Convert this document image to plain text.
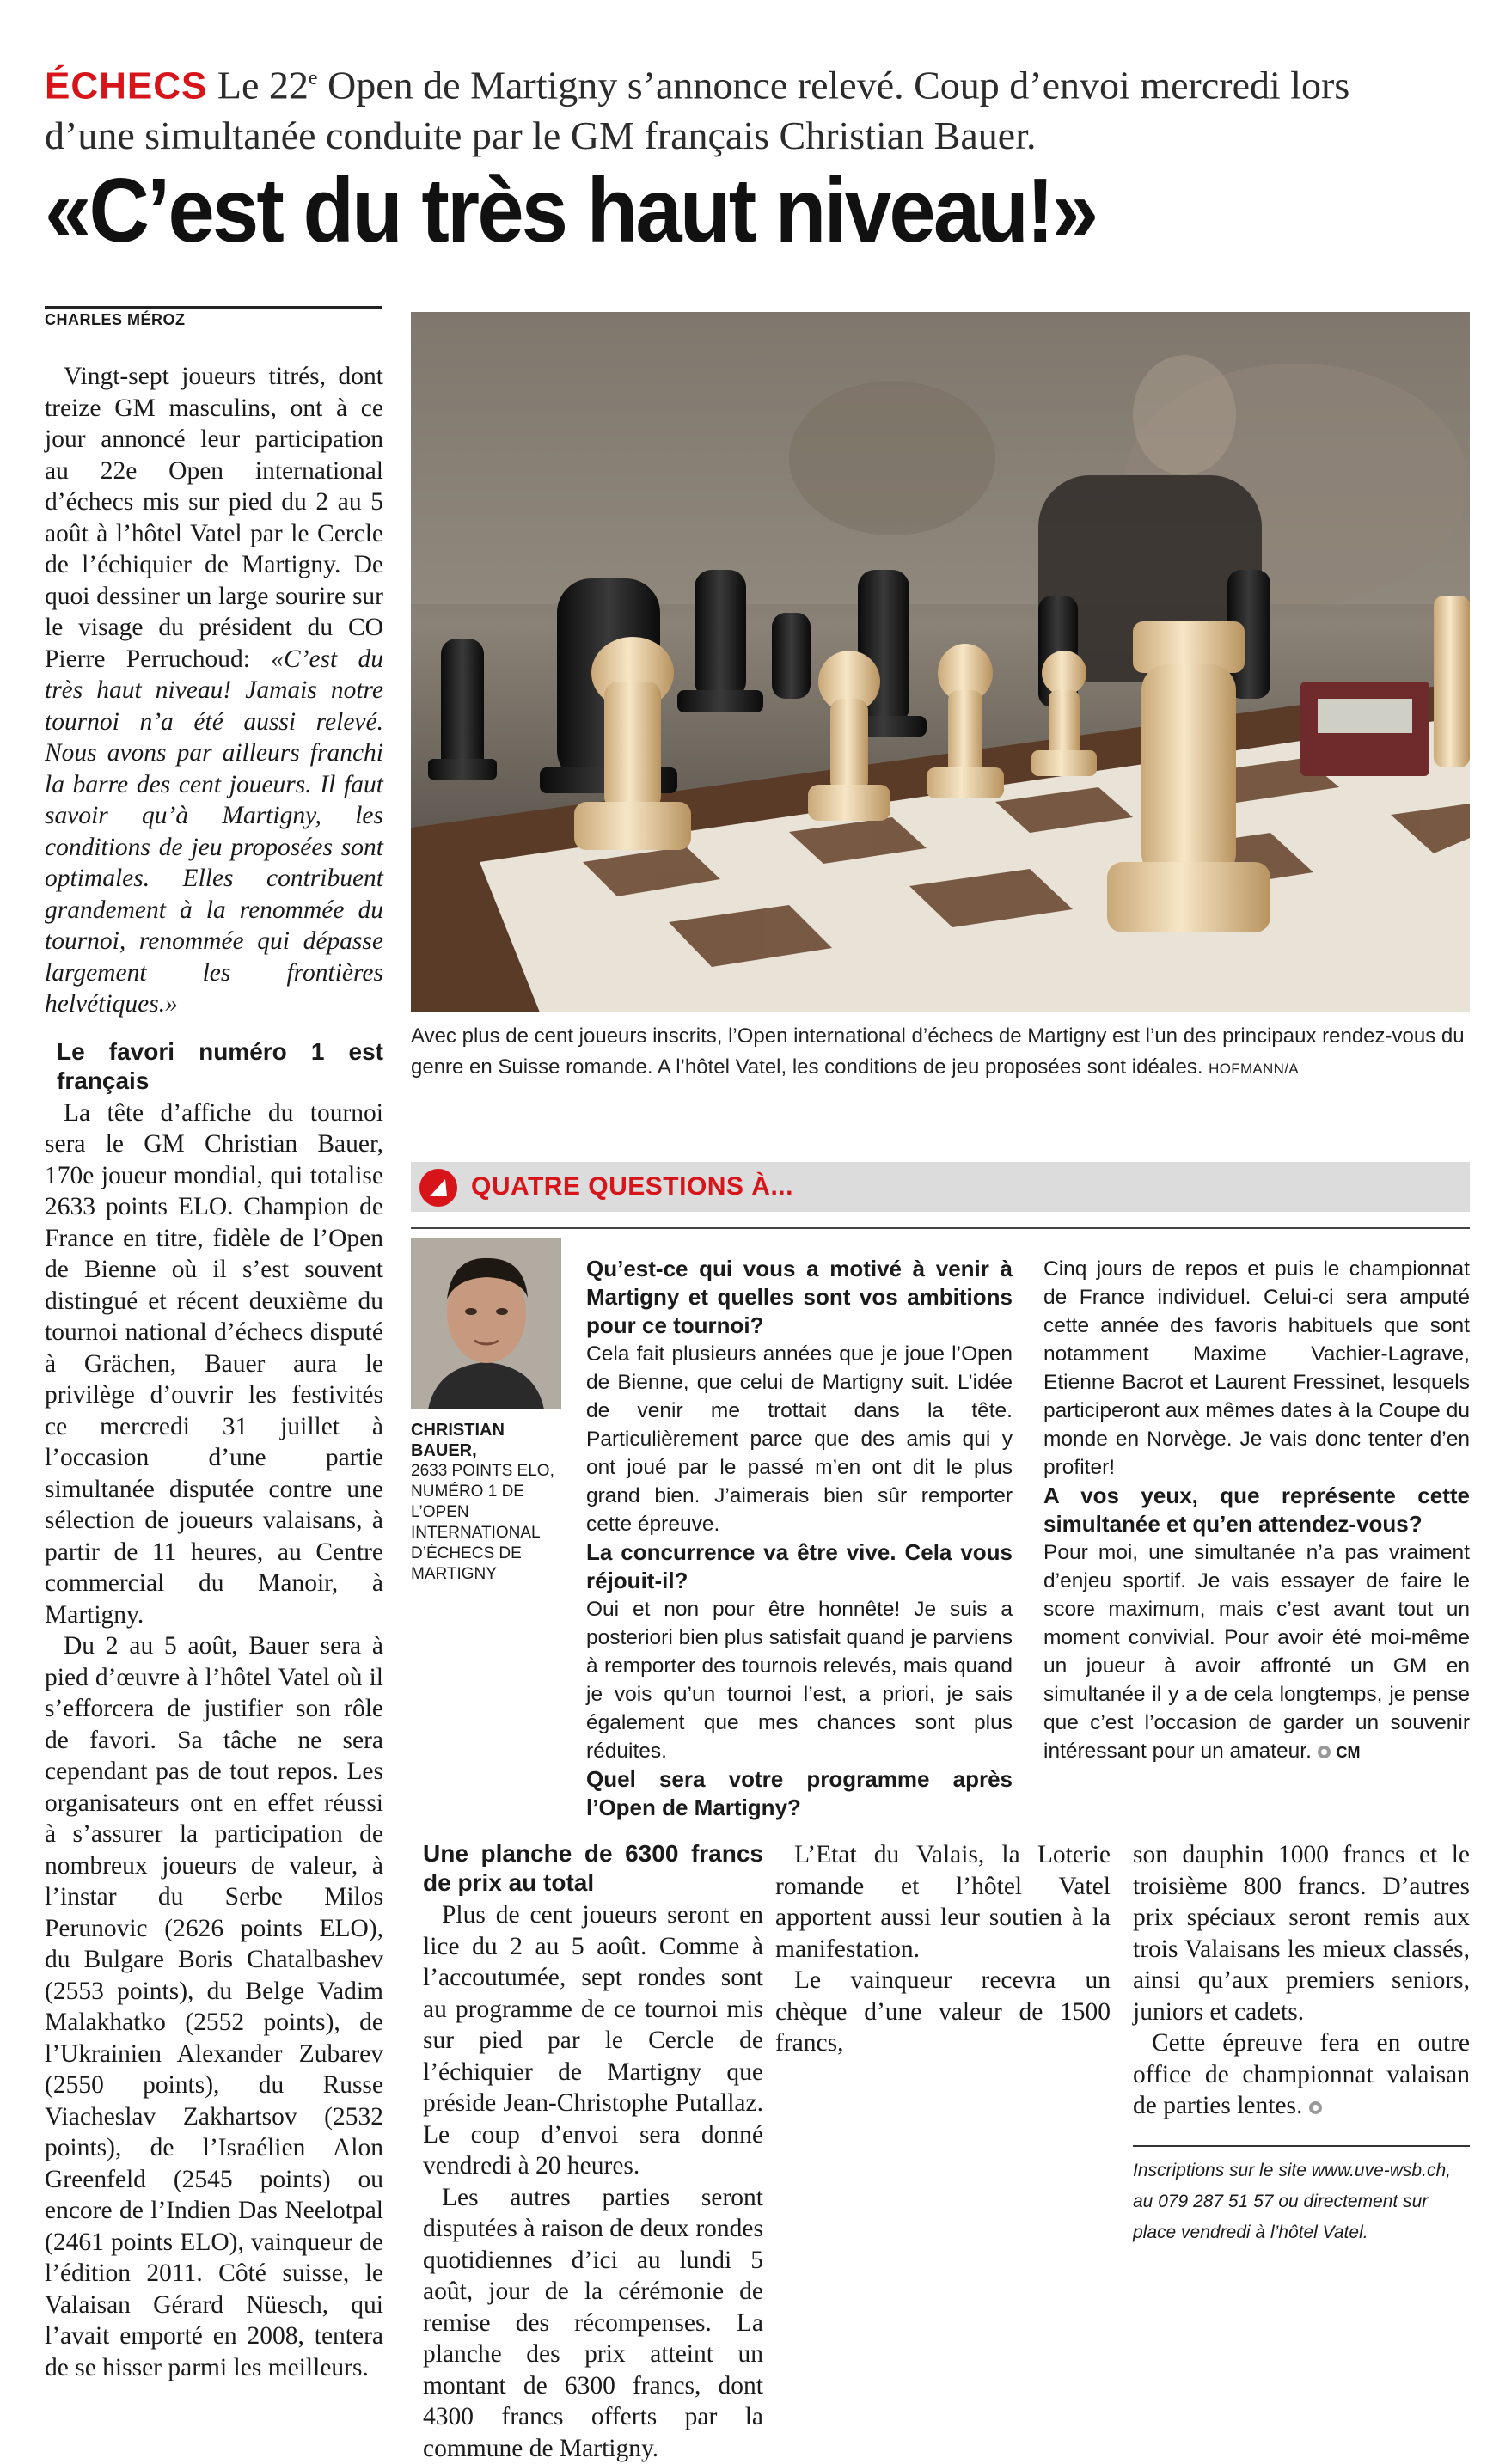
ÉCHECS Le 22e Open de Martigny s’annonce relevé. Coup d’envoi mercredi lors d’une simultanée conduite par le GM français Christian Bauer.
«C’est du très haut niveau!»
CHARLES MÉROZ

Vingt-sept joueurs titrés, dont treize GM masculins, ont à ce jour annoncé leur participation au 22e Open international d’échecs mis sur pied du 2 au 5 août à l’hôtel Vatel par le Cercle de l’échiquier de Martigny. De quoi dessiner un large sourire sur le visage du président du CO Pierre Perruchoud: «C’est du très haut niveau! Jamais notre tournoi n’a été aussi relevé. Nous avons par ailleurs franchi la barre des cent joueurs. Il faut savoir qu’à Martigny, les conditions de jeu proposées sont optimales. Elles contribuent grandement à la renommée du tournoi, renommée qui dépasse largement les frontières helvétiques.»

Le favori numéro 1 est français

La tête d’affiche du tournoi sera le GM Christian Bauer, 170e joueur mondial, qui totalise 2633 points ELO. Champion de France en titre, fidèle de l’Open de Bienne où il s’est souvent distingué et récent deuxième du tournoi national d’échecs disputé à Grächen, Bauer aura le privilège d’ouvrir les festivités ce mercredi 31 juillet à l’occasion d’une partie simultanée disputée contre une sélection de joueurs valaisans, à partir de 11 heures, au Centre commercial du Manoir, à Martigny.

Du 2 au 5 août, Bauer sera à pied d’œuvre à l’hôtel Vatel où il s’efforcera de justifier son rôle de favori. Sa tâche ne sera cependant pas de tout repos. Les organisateurs ont en effet réussi à s’assurer la participation de nombreux joueurs de valeur, à l’instar du Serbe Milos Perunovic (2626 points ELO), du Bulgare Boris Chatalbashev (2553 points), du Belge Vadim Malakhatko (2552 points), de l’Ukrainien Alexander Zubarev (2550 points), du Russe Viacheslav Zakhartsov (2532 points), de l’Israélien Alon Greenfeld (2545 points) ou encore de l’Indien Das Neelotpal (2461 points ELO), vainqueur de l’édition 2011. Côté suisse, le Valaisan Gérard Nüesch, qui l’avait emporté en 2008, tentera de se hisser parmi les meilleurs.

Avec plus de cent joueurs inscrits, l’Open international d’échecs de Martigny est l’un des principaux rendez-vous du genre en Suisse romande. A l’hôtel Vatel, les conditions de jeu proposées sont idéales. HOFMANN/A
QUATRE QUESTIONS À...
CHRISTIAN BAUER,
2633 POINTS ELO, NUMÉRO 1 DE L’OPEN INTERNATIONAL D’ÉCHECS DE MARTIGNY
Qu’est-ce qui vous a motivé à venir à Martigny et quelles sont vos ambitions pour ce tournoi?
Cela fait plusieurs années que je joue l’Open de Bienne, que celui de Martigny suit. L’idée de venir me trottait dans la tête. Particulièrement parce que des amis qui y ont joué par le passé m’en ont dit le plus grand bien. J’aimerais bien sûr remporter cette épreuve.
La concurrence va être vive. Cela vous réjouit-il?
Oui et non pour être honnête! Je suis a posteriori bien plus satisfait quand je parviens à remporter des tournois relevés, mais quand je vois qu’un tournoi l’est, a priori, je sais également que mes chances sont plus réduites.
Quel sera votre programme après l’Open de Martigny?
Cinq jours de repos et puis le championnat de France individuel. Celui-ci sera amputé cette année des favoris habituels que sont notamment Maxime Vachier-Lagrave, Etienne Bacrot et Laurent Fressinet, lesquels participeront aux mêmes dates à la Coupe du monde en Norvège. Je vais donc tenter d’en profiter!
A vos yeux, que représente cette simultanée et qu’en attendez-vous?
Pour moi, une simultanée n’a pas vraiment d’enjeu sportif. Je vais essayer de faire le score maximum, mais c’est avant tout un moment convivial. Pour avoir été moi-même un joueur à avoir affronté un GM en simultanée il y a de cela longtemps, je pense que c’est l’occasion de garder un souvenir intéressant pour un amateur. CM
Une planche de 6300 francs de prix au total

Plus de cent joueurs seront en lice du 2 au 5 août. Comme à l’accoutumée, sept rondes sont au programme de ce tournoi mis sur pied par le Cercle de l’échiquier de Martigny que préside Jean-Christophe Putallaz. Le coup d’envoi sera donné vendredi à 20 heures.

Les autres parties seront disputées à raison de deux rondes quotidiennes d’ici au lundi 5 août, jour de la cérémonie de remise des récompenses. La planche des prix atteint un montant de 6300 francs, dont 4300 francs offerts par la commune de Martigny.

L’Etat du Valais, la Loterie romande et l’hôtel Vatel apportent aussi leur soutien à la manifestation.

Le vainqueur recevra un chèque d’une valeur de 1500 francs,

son dauphin 1000 francs et le troisième 800 francs. D’autres prix spéciaux seront remis aux trois Valaisans les mieux classés, ainsi qu’aux premiers seniors, juniors et cadets.

Cette épreuve fera en outre office de championnat valaisan de parties lentes.

Inscriptions sur le site www.uve-wsb.ch, au 079 287 51 57 ou directement sur place vendredi à l’hôtel Vatel.
